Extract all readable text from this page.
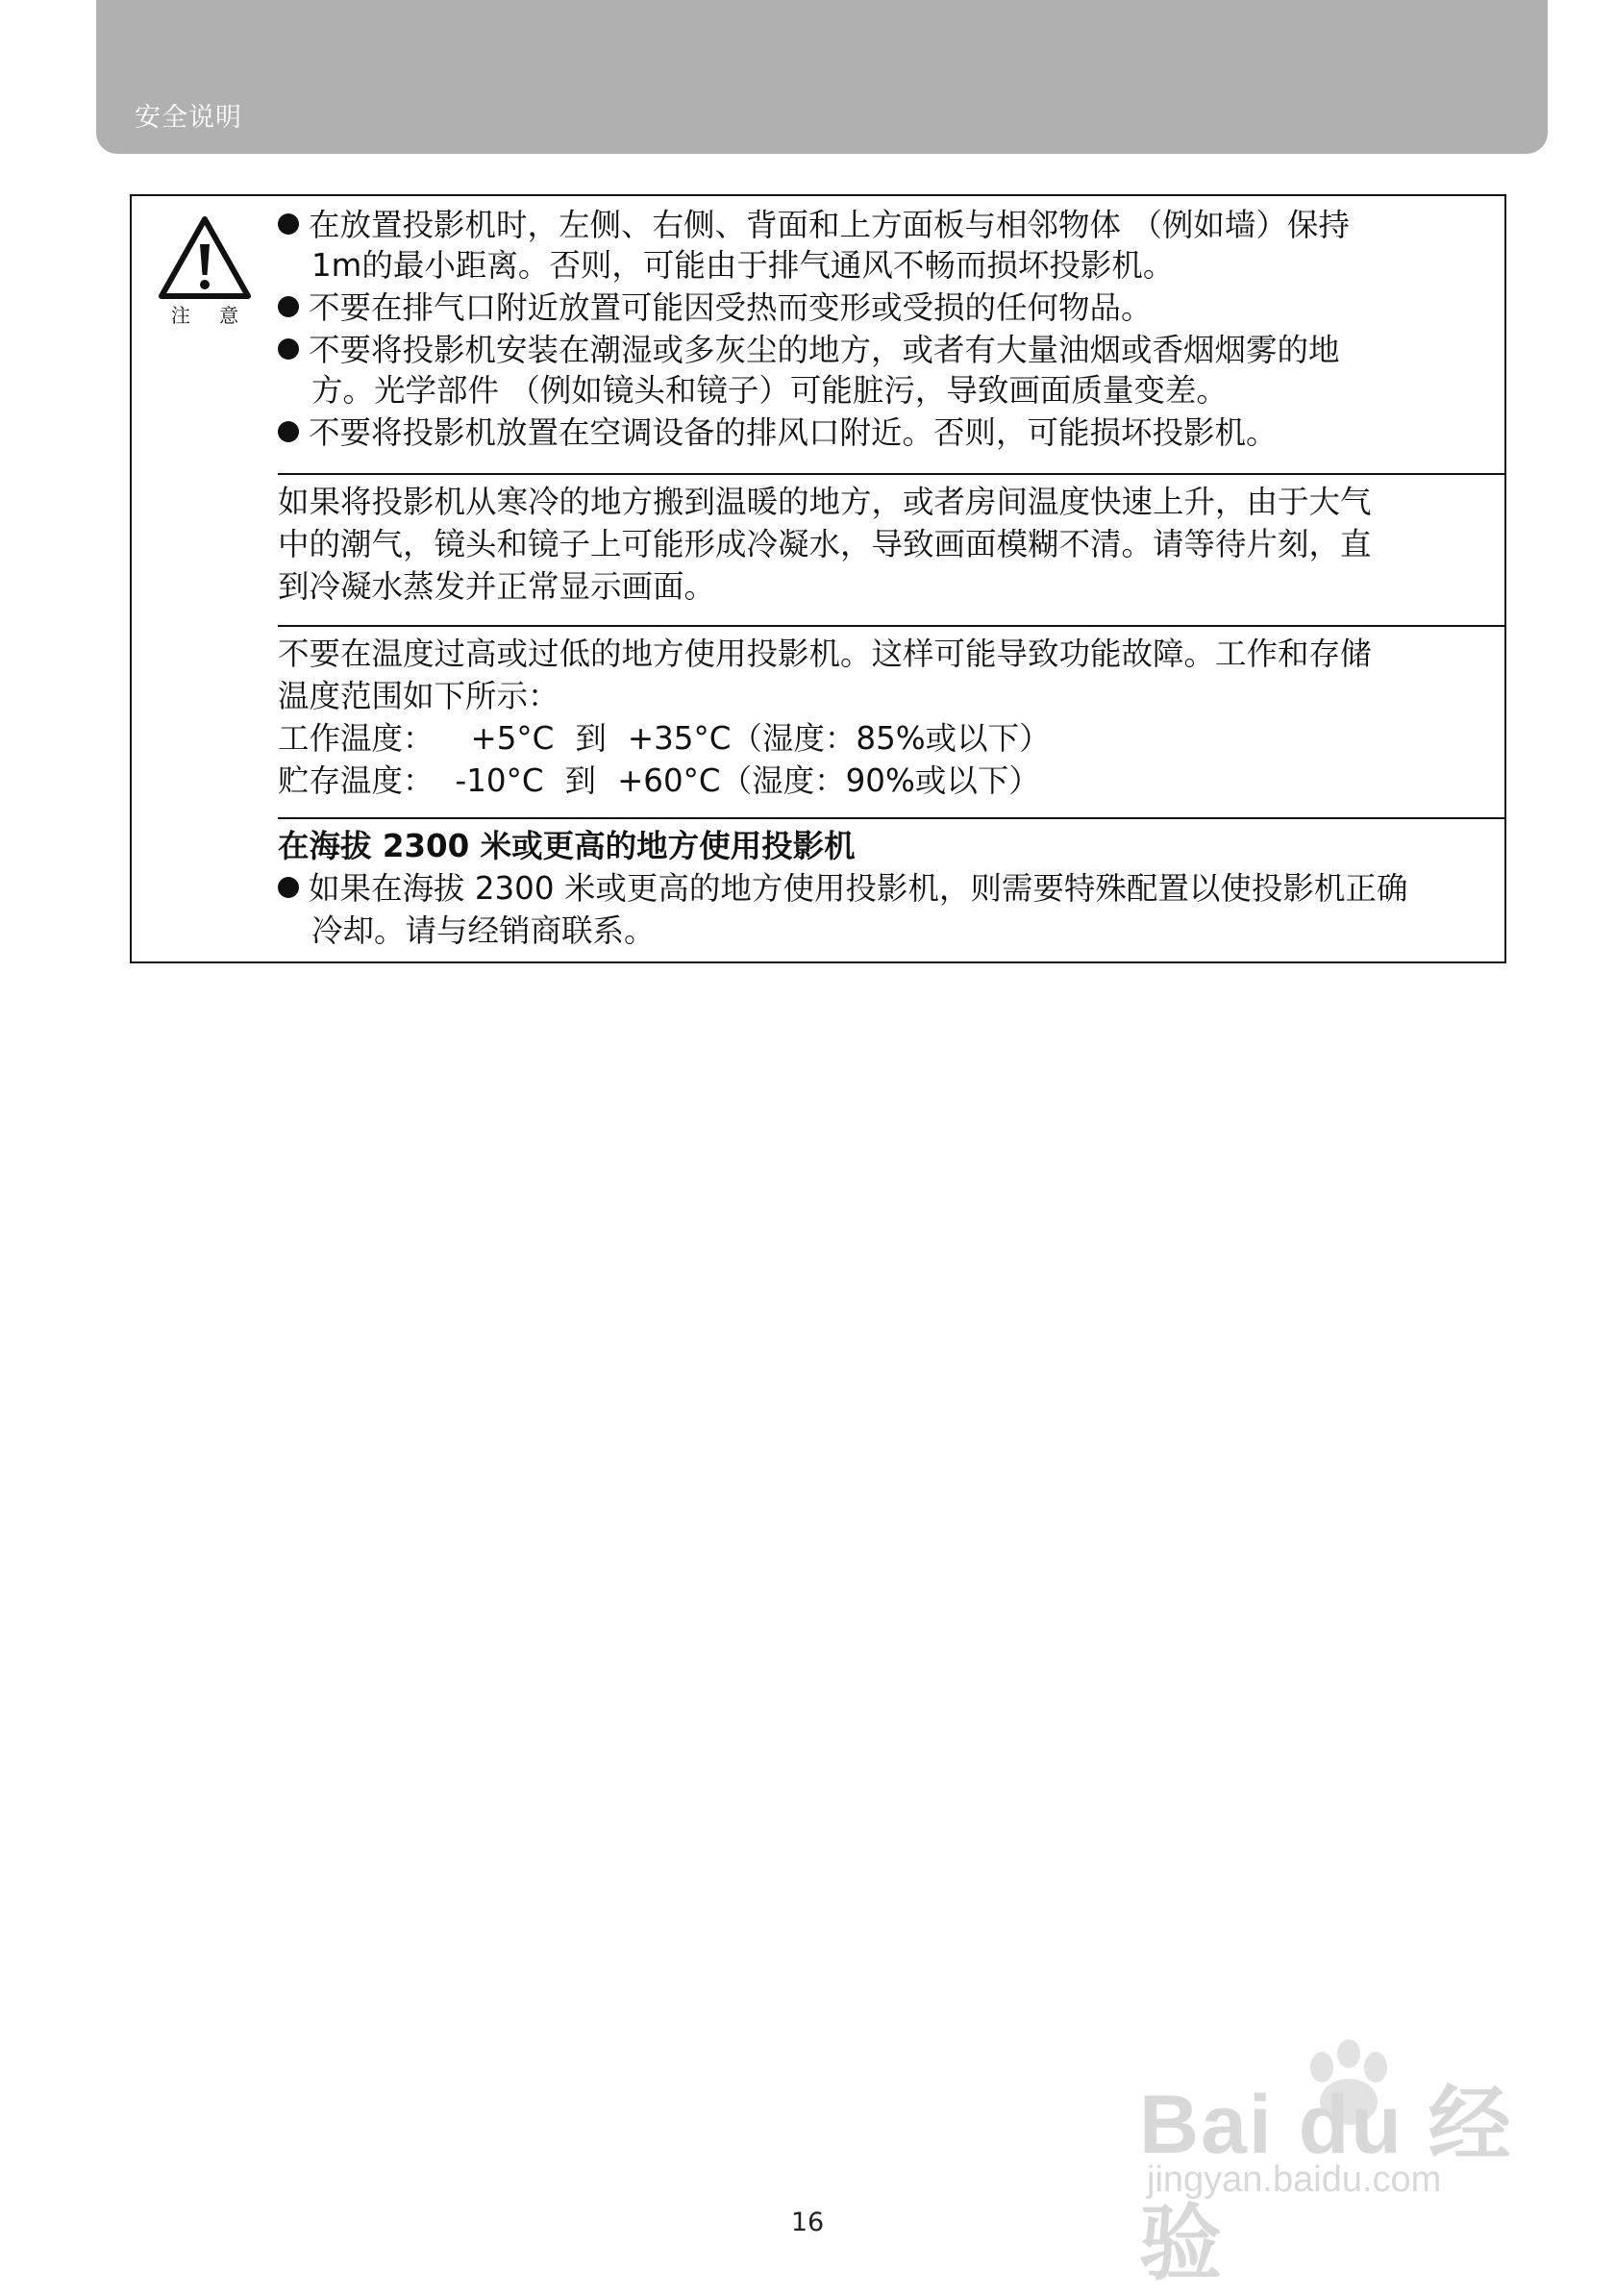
安全说明
注 意
在放置投影机时，左侧、右侧、背面和上方面板与相邻物体 （例如墙）保持
1m的最小距离。否则，可能由于排气通风不畅而损坏投影机。
不要在排气口附近放置可能因受热而变形或受损的任何物品。
不要将投影机安装在潮湿或多灰尘的地方，或者有大量油烟或香烟烟雾的地
方。光学部件 （例如镜头和镜子）可能脏污，导致画面质量变差。
不要将投影机放置在空调设备的排风口附近。否则，可能损坏投影机。
如果将投影机从寒冷的地方搬到温暖的地方，或者房间温度快速上升，由于大气
中的潮气，镜头和镜子上可能形成冷凝水，导致画面模糊不清。请等待片刻，直
到冷凝水蒸发并正常显示画面。
不要在温度过高或过低的地方使用投影机。这样可能导致功能故障。工作和存储
温度范围如下所示：
工作温度： +5°C 到 +35°C（湿度：85%或以下）
贮存温度： -10°C 到 +60°C（湿度：90%或以下）
在海拔 2300 米或更高的地方使用投影机
如果在海拔 2300 米或更高的地方使用投影机，则需要特殊配置以使投影机正确
冷却。请与经销商联系。
Bai du 经验
jingyan.baidu.com
16
